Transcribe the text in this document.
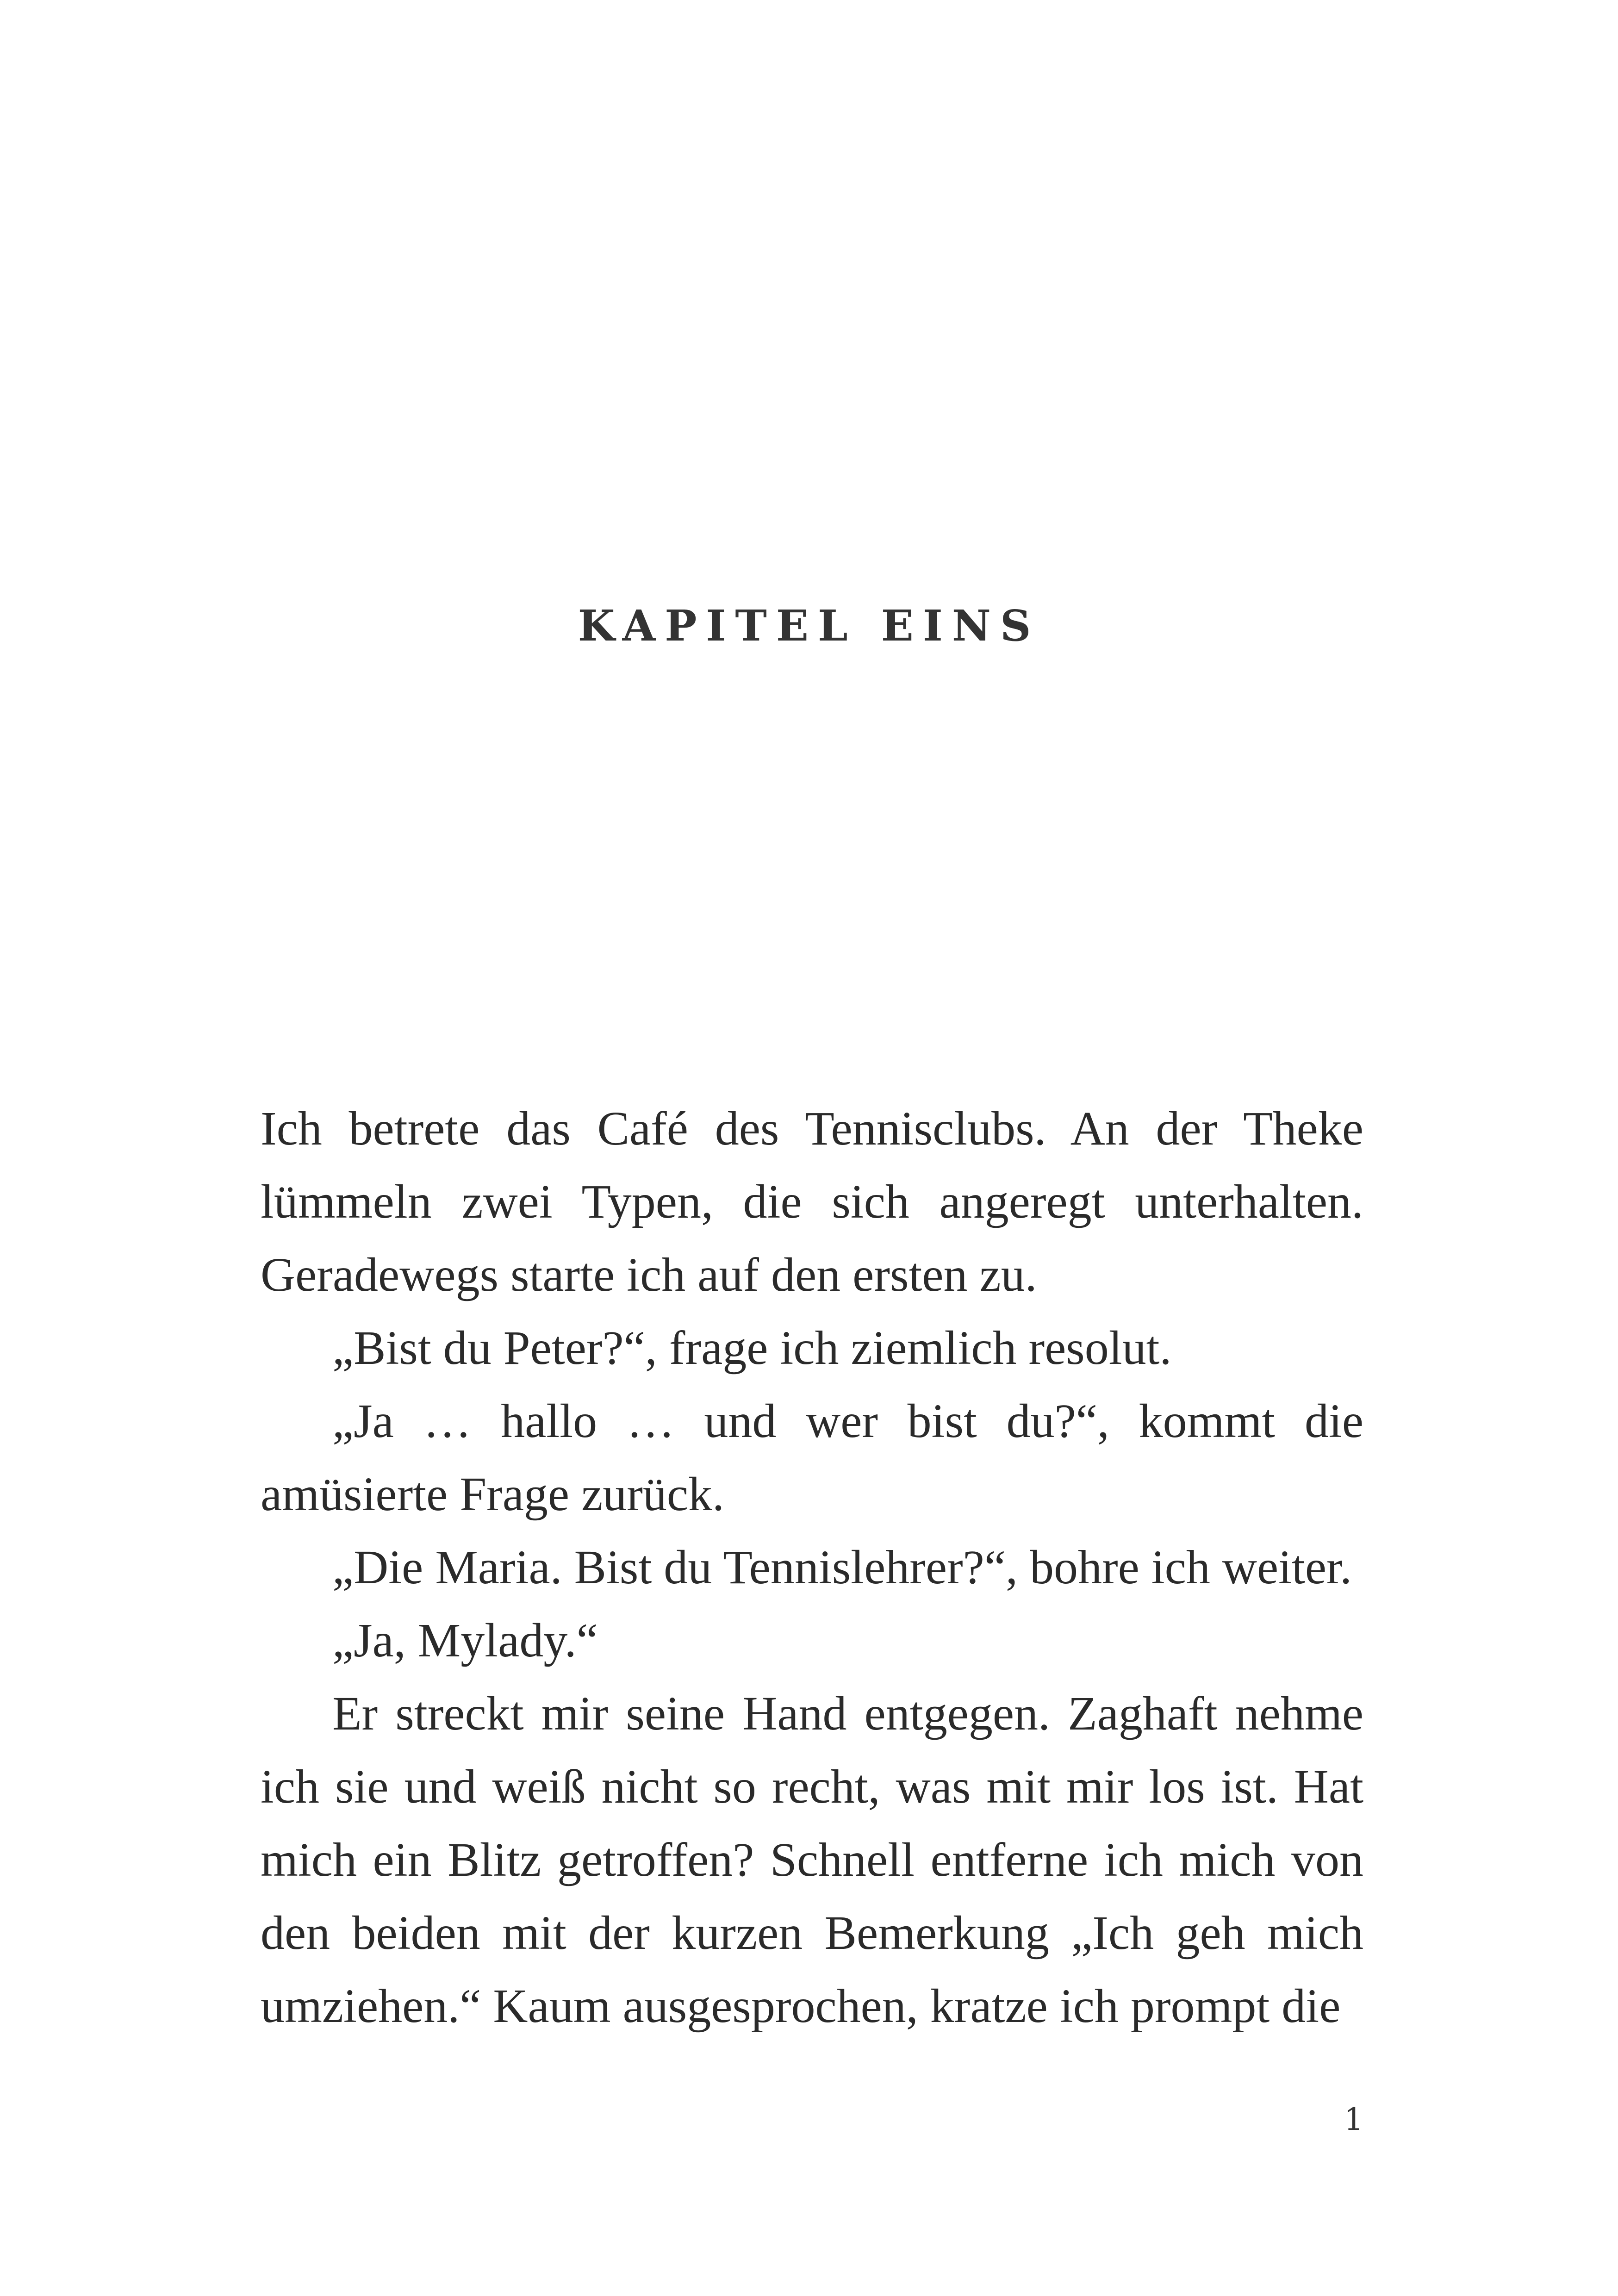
KAPITEL EINS

Ich betrete das Café des Tennisclubs. An der Theke lümmeln zwei Typen, die sich angeregt unterhalten. Geradewegs starte ich auf den ersten zu.

„Bist du Peter?“, frage ich ziemlich resolut.

„Ja … hallo … und wer bist du?“, kommt die amüsierte Frage zurück.

„Die Maria. Bist du Tennislehrer?“, bohre ich weiter.

„Ja, Mylady.“

Er streckt mir seine Hand entgegen. Zaghaft nehme ich sie und weiß nicht so recht, was mit mir los ist. Hat mich ein Blitz getroffen? Schnell entferne ich mich von den beiden mit der kurzen Bemerkung „Ich geh mich umziehen.“ Kaum ausgesprochen, kratze ich prompt die

1
